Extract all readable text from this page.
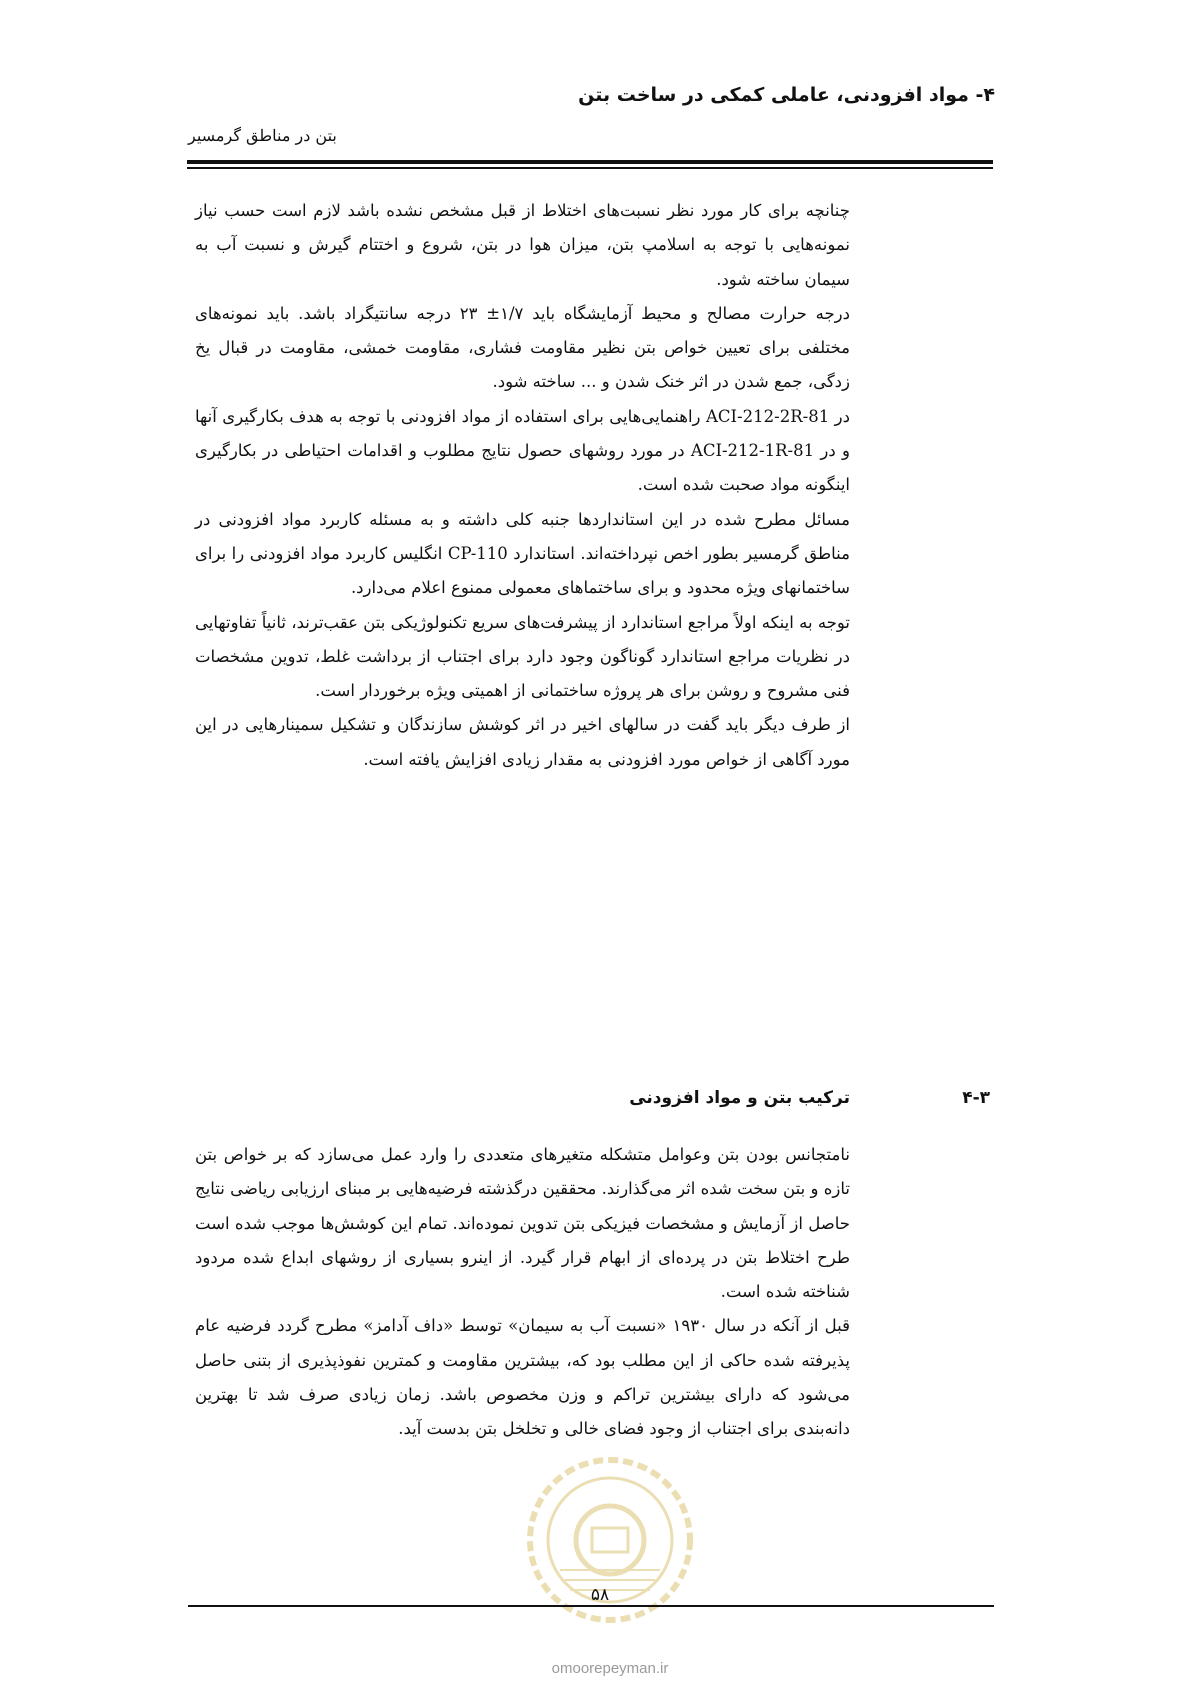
۴- مواد افزودنی، عاملی کمکی در ساخت بتن
بتن در مناطق گرمسیر

چنانچه برای کار مورد نظر نسبت‌های اختلاط از قبل مشخص نشده باشد لازم است حسب نیاز نمونه‌هایی با توجه به اسلامپ بتن، میزان هوا در بتن، شروع و اختتام گیرش و نسبت آب به سیمان ساخته شود.

درجه حرارت مصالح و محیط آزمایشگاه باید ۱/۷± ۲۳ درجه سانتیگراد باشد. باید نمونه‌های مختلفی برای تعیین خواص بتن نظیر مقاومت فشاری، مقاومت خمشی، مقاومت در قبال یخ زدگی، جمع شدن در اثر خنک شدن و ... ساخته شود.

در ACI-212-2R-81 راهنمایی‌هایی برای استفاده از مواد افزودنی با توجه به هدف بکارگیری آنها و در ACI-212-1R-81 در مورد روشهای حصول نتایج مطلوب و اقدامات احتیاطی در بکارگیری اینگونه مواد صحبت شده است.

مسائل مطرح شده در این استانداردها جنبه کلی داشته و به مسئله کاربرد مواد افزودنی در مناطق گرمسیر بطور اخص نپرداخته‌اند. استاندارد CP-110 انگلیس کاربرد مواد افزودنی را برای ساختمانهای ویژه محدود و برای ساختماهای معمولی ممنوع اعلام می‌دارد.

توجه به اینکه اولاً مراجع استاندارد از پیشرفت‌های سریع تکنولوژیکی بتن عقب‌ترند، ثانیاً تفاوتهایی در نظریات مراجع استاندارد گوناگون وجود دارد برای اجتناب از برداشت غلط، تدوین مشخصات فنی مشروح و روشن برای هر پروژه ساختمانی از اهمیتی ویژه برخوردار است.

از طرف دیگر باید گفت در سالهای اخیر در اثر کوشش سازندگان و تشکیل سمینارهایی در این مورد آگاهی از خواص مورد افزودنی به مقدار زیادی افزایش یافته است.

۴-۳
ترکیب بتن و مواد افزودنی

نامتجانس بودن بتن وعوامل متشکله متغیرهای متعددی را وارد عمل می‌سازد که بر خواص بتن تازه و بتن سخت شده اثر می‌گذارند. محققین درگذشته فرضیه‌هایی بر مبنای ارزیابی ریاضی نتایج حاصل از آزمایش و مشخصات فیزیکی بتن تدوین نموده‌اند. تمام این کوشش‌ها موجب شده است طرح اختلاط بتن در پرده‌ای از ابهام قرار گیرد. از اینرو بسیاری از روشهای ابداع شده مردود شناخته شده است.

قبل از آنکه در سال ۱۹۳۰ «نسبت آب به سیمان» توسط «داف آدامز» مطرح گردد فرضیه عام پذیرفته شده حاکی از این مطلب بود که، بیشترین مقاومت و کمترین نفوذپذیری از بتنی حاصل می‌شود که دارای بیشترین تراکم و وزن مخصوص باشد. زمان زیادی صرف شد تا بهترین دانه‌بندی برای اجتناب از وجود فضای خالی و تخلخل بتن بدست آید.

۵۸
omoorepeyman.ir
